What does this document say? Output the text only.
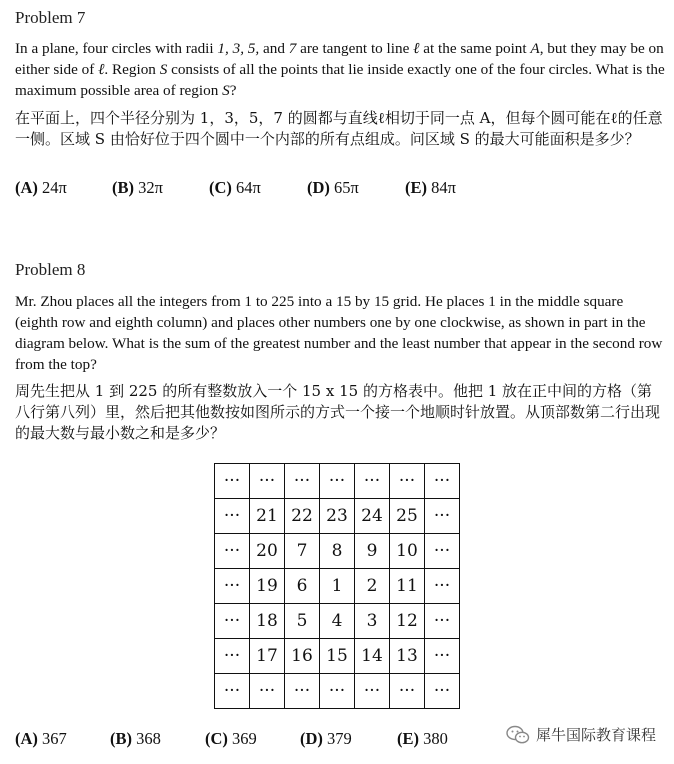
Problem 7

In a plane, four circles with radii 1, 3, 5, and 7 are tangent to line ℓ at the same point A, but they may be on either side of ℓ. Region S consists of all the points that lie inside exactly one of the four circles. What is the maximum possible area of region S?

在平面上，四个半径分别为 1，3，5，7 的圆都与直线ℓ相切于同一点 A，但每个圆可能在ℓ的任意一侧。区域 S 由恰好位于四个圆中一个内部的所有点组成。问区域 S 的最大可能面积是多少？

(A) 24π	(B) 32π	(C) 64π	(D) 65π	(E) 84π
Problem 8

Mr. Zhou places all the integers from 1 to 225 into a 15 by 15 grid. He places 1 in the middle square (eighth row and eighth column) and places other numbers one by one clockwise, as shown in part in the diagram below. What is the sum of the greatest number and the least number that appear in the second row from the top?

周先生把从 1 到 225 的所有整数放入一个 15 x 15 的方格表中。他把 1 放在正中间的方格（第八行第八列）里，然后把其他数按如图所示的方式一个接一个地顺时针放置。从顶部数第二行出现的最大数与最小数之和是多少？

···	···	···	···	···	···	···
···	21	22	23	24	25	···
···	20	7	8	9	10	···
···	19	6	1	2	11	···
···	18	5	4	3	12	···
···	17	16	15	14	13	···
···	···	···	···	···	···	···
(A) 367	(B) 368	(C) 369	(D) 379	(E) 380	犀牛国际教育课程
